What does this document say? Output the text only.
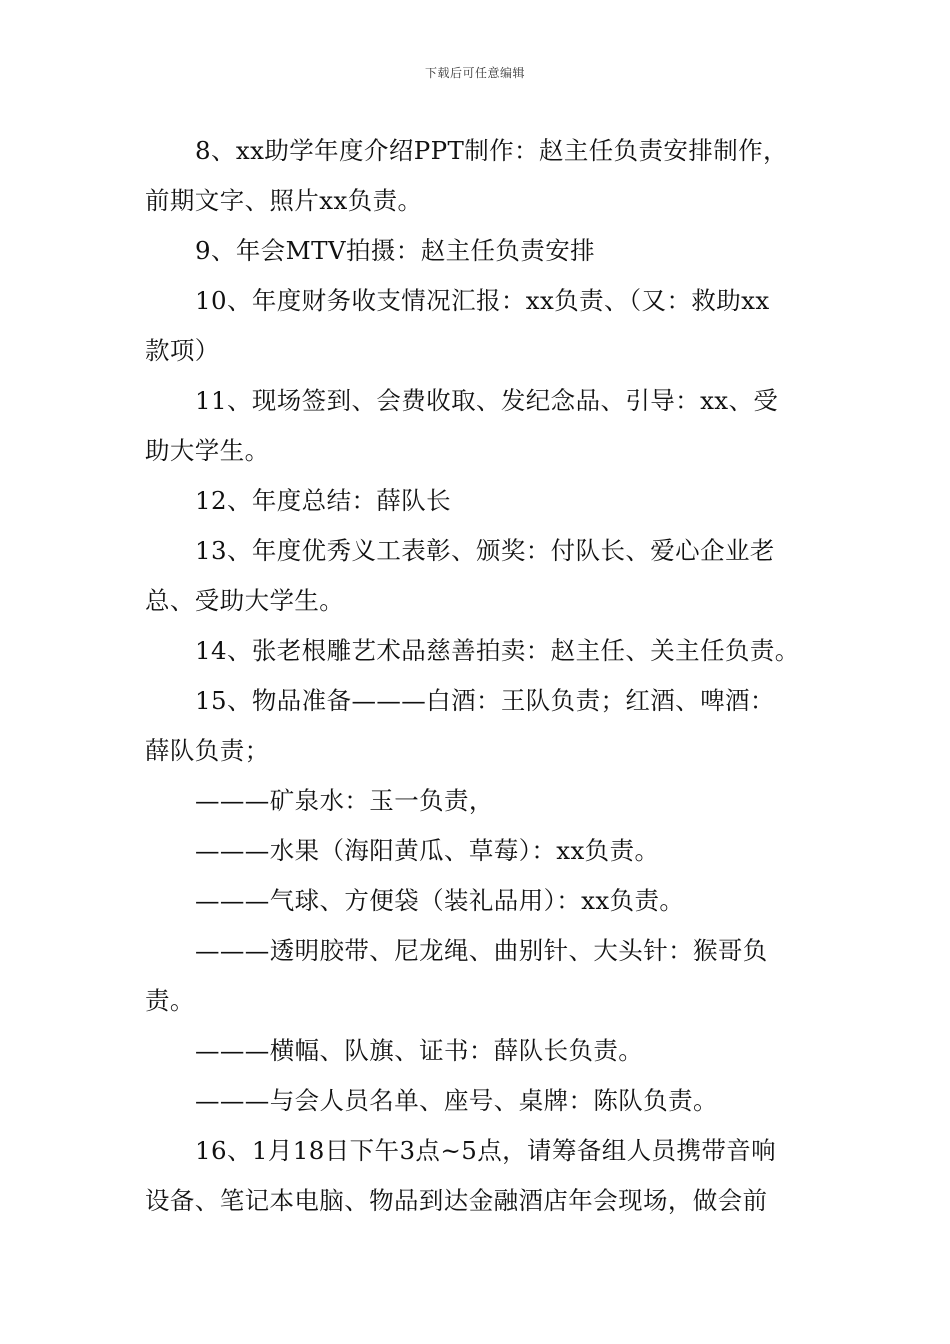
下载后可任意编辑

8、xx助学年度介绍PPT制作：赵主任负责安排制作，
前期文字、照片xx负责。

9、年会MTV拍摄：赵主任负责安排

10、年度财务收支情况汇报：xx负责、（又：救助xx
款项）

11、现场签到、会费收取、发纪念品、引导：xx、受
助大学生。

12、年度总结：薛队长

13、年度优秀义工表彰、颁奖：付队长、爱心企业老
总、受助大学生。

14、张老根雕艺术品慈善拍卖：赵主任、关主任负责。

15、物品准备———白酒：王队负责；红酒、啤酒：
薛队负责；

———矿泉水：玉一负责，

———水果（海阳黄瓜、草莓）：xx负责。

———气球、方便袋（装礼品用）：xx负责。

———透明胶带、尼龙绳、曲别针、大头针：猴哥负
责。

———横幅、队旗、证书：薛队长负责。

———与会人员名单、座号、桌牌：陈队负责。

16、1月18日下午3点~5点，请筹备组人员携带音响
设备、笔记本电脑、物品到达金融酒店年会现场，做会前
